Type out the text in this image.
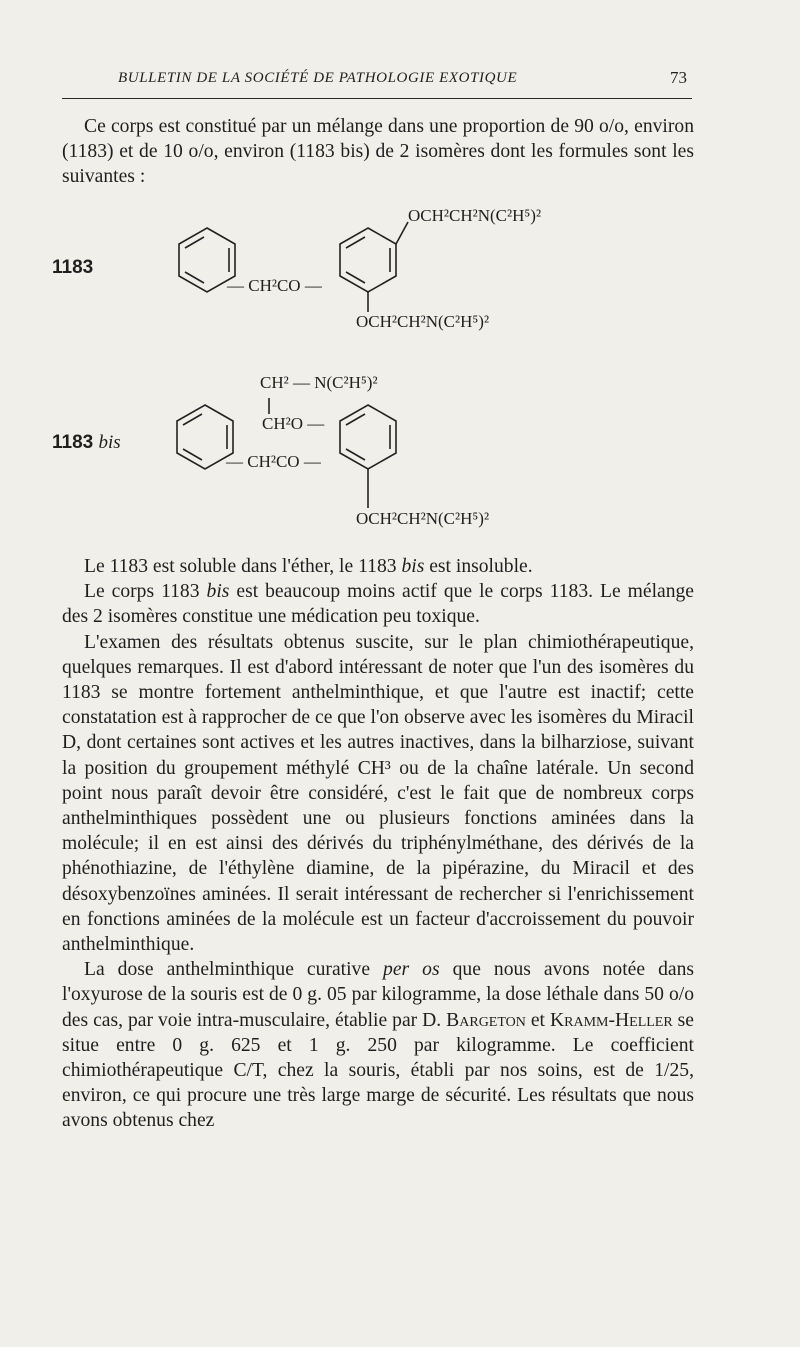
BULLETIN DE LA SOCIÉTÉ DE PATHOLOGIE EXOTIQUE	73

Ce corps est constitué par un mélange dans une proportion de 90 o/o, environ (1183) et de 10 o/o, environ (1183 bis) de 2 isomères dont les formules sont les suivantes :

1183
OCH²CH²N(C²H⁵)²
— CH²CO —
OCH²CH²N(C²H⁵)²
1183 bis
CH² — N(C²H⁵)²
CH²O —
— CH²CO —
OCH²CH²N(C²H⁵)²

Le 1183 est soluble dans l'éther, le 1183 bis est insoluble.

Le corps 1183 bis est beaucoup moins actif que le corps 1183. Le mélange des 2 isomères constitue une médication peu toxique.

L'examen des résultats obtenus suscite, sur le plan chimiothérapeutique, quelques remarques. Il est d'abord intéressant de noter que l'un des isomères du 1183 se montre fortement anthelminthique, et que l'autre est inactif; cette constatation est à rapprocher de ce que l'on observe avec les isomères du Miracil D, dont certaines sont actives et les autres inactives, dans la bilharziose, suivant la position du groupement méthylé CH³ ou de la chaîne latérale. Un second point nous paraît devoir être considéré, c'est le fait que de nombreux corps anthelminthiques possèdent une ou plusieurs fonctions aminées dans la molécule; il en est ainsi des dérivés du triphénylméthane, des dérivés de la phénothiazine, de l'éthylène diamine, de la pipérazine, du Miracil et des désoxybenzoïnes aminées. Il serait intéressant de rechercher si l'enrichissement en fonctions aminées de la molécule est un facteur d'accroissement du pouvoir anthelminthique.

La dose anthelminthique curative per os que nous avons notée dans l'oxyurose de la souris est de 0 g. 05 par kilogramme, la dose léthale dans 50 o/o des cas, par voie intra-musculaire, établie par D. Bargeton et Kramm-Heller se situe entre 0 g. 625 et 1 g. 250 par kilogramme. Le coefficient chimiothérapeutique C/T, chez la souris, établi par nos soins, est de 1/25, environ, ce qui procure une très large marge de sécurité. Les résultats que nous avons obtenus chez
